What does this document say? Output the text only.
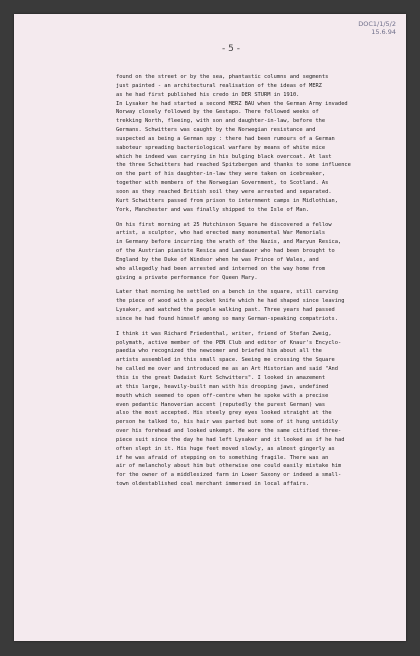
DOC1/1/5/2
15.6.94
- 5 -
found on the street or by the sea, phantastic columns and segments
just painted - an architectural realisation of the ideas of MERZ
as he had first published his credo in DER STURM in 1910.
In Lysaker he had started a second MERZ BAU when the German Army invaded
Norway closely followed by the Gestapo. There followed weeks of
trekking North, fleeing, with son and daughter-in-law, before the
Germans. Schwitters was caught by the Norwegian resistance and
suspected as being a German spy : there had been rumours of a German
saboteur spreading bacteriological warfare by means of white mice
which he indeed was carrying in his bulging black overcoat. At last
the three Schwitters had reached Spitzbergen and thanks to some influence
on the part of his daughter-in-law they were taken on icebreaker,
together with members of the Norwegian Government, to Scotland. As
soon as they reached British soil they were arrested and separated.
Kurt Schwitters passed from prison to internment camps in Midlothian,
York, Manchester and was finally shipped to the Isle of Man.
On his first morning at 25 Hutchinson Square he discovered a fellow
artist, a sculptor, who had erected many monumental War Memorials
in Germany before incurring the wrath of the Nazis, and Maryun Resica,
of the Austrian pianiste Resica and Landauer who had been brought to
England by the Duke of Windsor when he was Prince of Wales, and
who allegedly had been arrested and interned on the way home from
giving a private performance for Queen Mary.
Later that morning he settled on a bench in the square, still carving
the piece of wood with a pocket knife which he had shaped since leaving
Lysaker, and watched the people walking past. Three years had passed
since he had found himself among so many German-speaking compatriots.
I think it was Richard Friedenthal, writer, friend of Stefan Zweig,
polymath, active member of the PEN Club and editor of Knaur's Encyclo-
paedia who recognized the newcomer and briefed him about all the
artists assembled in this small space. Seeing me crossing the Square
he called me over and introduced me as an Art Historian and said "And
this is the great Dadaist Kurt Schwitters". I looked in amazement
at this large, heavily-built man with his drooping jaws, undefined
mouth which seemed to open off-centre when he spoke with a precise
even pedantic Hanoverian accent (reputedly the purest German) was
also the most accepted. His steely grey eyes looked straight at the
person he talked to, his hair was parted but some of it hung untidily
over his forehead and looked unkempt. He wore the same citified three-
piece suit since the day he had left Lysaker and it looked as if he had
often slept in it. His huge feet moved slowly, as almost gingerly as
if he was afraid of stepping on to something fragile. There was an
air of melancholy about him but otherwise one could easily mistake him
for the owner of a middlesized farm in Lower Saxony or indeed a small-
town oldestablished coal merchant immersed in local affairs.
